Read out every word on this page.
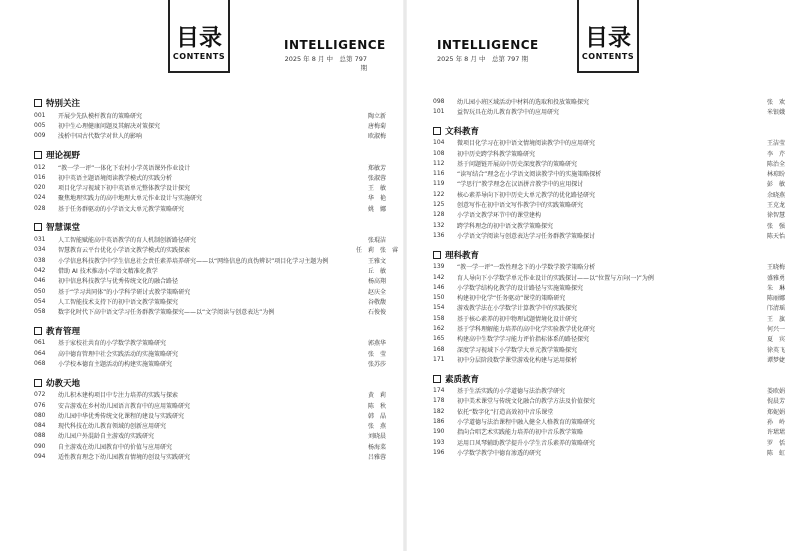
目录
CONTENTS
INTELLIGENCE
2025 年 8 月 中　总第 797 期
特别关注
001	开展少先队模杆教育的策略研究	陶立新
005	初中生心理健康问题及其解决对策探究	唐梅菊
009	浅析中国古代数学对世人的影响	欧淑梅
理论视野
012	“教一学一评”一体化下农村小学英语课外作业设计	郑敏芳
016	初中英语主题语境阅读教学模式的实践分析	张淑蓉
020	项目化学习视域下初中英语单元整体教学设计探究	王　敏
024	聚焦地理实践力的高中地理大单元作业设计与实施研究	华　艳
028	基于任务群驱动的小学语文大单元教学策略研究	姚　娜
智慧课堂
031	人工智能赋能高中英语教学的育人机制创新路径研究	张琨洁
034	智慧教育云平台优化小学语文教学模式的实践探索	任　莉　张　睿
038	小学信息科技教学中学生信息社会责任素养培养研究——以“网络信息的真伪辨识”项目化学习主题为例	王雅文
042	借助 AI 技术推动小学语文精准化教学	丘　敏
046	初中信息科技教学与优秀传统文化的融合路径	杨高翔
050	基于“学习共同体”的小学科学研讨式教学策略研究	赵庆全
054	人工智能技术支持下的初中语文教学策略探究	谷敬馥
058	数字化时代下高中语文学习任务群教学策略探究——以“文学阅读与创意表达”为例	石俊俊
教育管理
061	基于家校社共育的小学数学教学策略研究	郭燕华
064	高中德育管理中社会实践活动的实施策略研究	张　莹
068	小学校本德育主题活动的构建实施策略研究	张苏莎
幼教天地
072	幼儿积木建构项目中专注力培养的实践与探索	黄　莉
076	安吉游戏在乡村幼儿园语言教育中的应用策略研究	陈　秋
080	幼儿园中华优秀传统文化课程的建设与实践研究	韩　晶
084	现代科技在幼儿教育领域的创新应用研究	张　燕
088	幼儿园户外混龄自主游戏的实践研究	刘晓晨
090	自主游戏在幼儿园教育中的价值与应用研究	杨海菜
094	适性教育理念下幼儿园教育情境的创设与实践研究	吕雅蓉
INTELLIGENCE
2025 年 8 月 中　总第 797 期
目录
CONTENTS
098	幼儿园小班区域活动中材料的选取和投放策略探究	张　欢
101	益智玩具在幼儿教育教学中的应用研究	米银娥
文科教育
104	微项目化学习在初中语文情境阅读教学中的应用研究	王洁莹
108	初中历史跨学科教学策略研究	李　芹
112	基于问题链开展高中历史深度教学的策略研究	陈治全
116	“读写结合”理念在小学语文阅读教学中的实施策略探析	林琼盼
119	“学思行”教学理念在汉语拼音教学中的应用探讨	彭　敏
122	核心素养导向下初中历史大单元教学的优化路径研究	余晓燕
125	创意写作在初中语文写作教学中的实践策略研究	王克龙
128	小学语文教学环节中的课堂建构	徐智慧
132	跨学科理念的初中语文教学策略探究	张　强
136	小学语文学阅读与创意表达学习任务群教学策略探讨	陈天怡
理科教育
139	“教一学一评”一致性理念下的小学数学教学策略分析	王晓梅
142	育人导向下小学数学单元作业设计的实践探讨——以“位置与方向(一)”为例	盛雅勇
146	小学数学结构化教学的设计路径与实施策略探究	朱　琳
150	构建初中化学“任务驱动”课堂的策略研究	陈丽娜
154	游戏教学法在小学数学计算教学中的实践探究	邝清瑶
158	基于核心素养的初中物理试题情境化设计研究	王　旗
162	基于学科理解能力培养的高中化学实验教学优化研究	何兴一
165	构建高中生数学学习能力评价指标体系的路径探究	夏　宾
168	深度学习视域下小学数学大单元教学策略探究	徐英飞
171	初中分层阶段数学课堂游戏化构建与运用探析	谭梦婕
素质教育
174	基于生活实践的小学道德与法治教学研究	娄欧娟
178	初中美术课堂与传统文化融合的教学方法及价值探究	倪晨芳
182	依托“数字化”打造高效初中音乐课堂	郑妮娟
186	小学道德与法治课程中融入健全人格教育的策略研究	孙　岭
190	指向合唱艺术实践能力培养的初中音乐教学策略	许珺珺
193	运用口风琴辅助教学提升小学生音乐素养的策略研究	罗　恬
196	小学数学教学中德育渗透的研究	陈　虹
